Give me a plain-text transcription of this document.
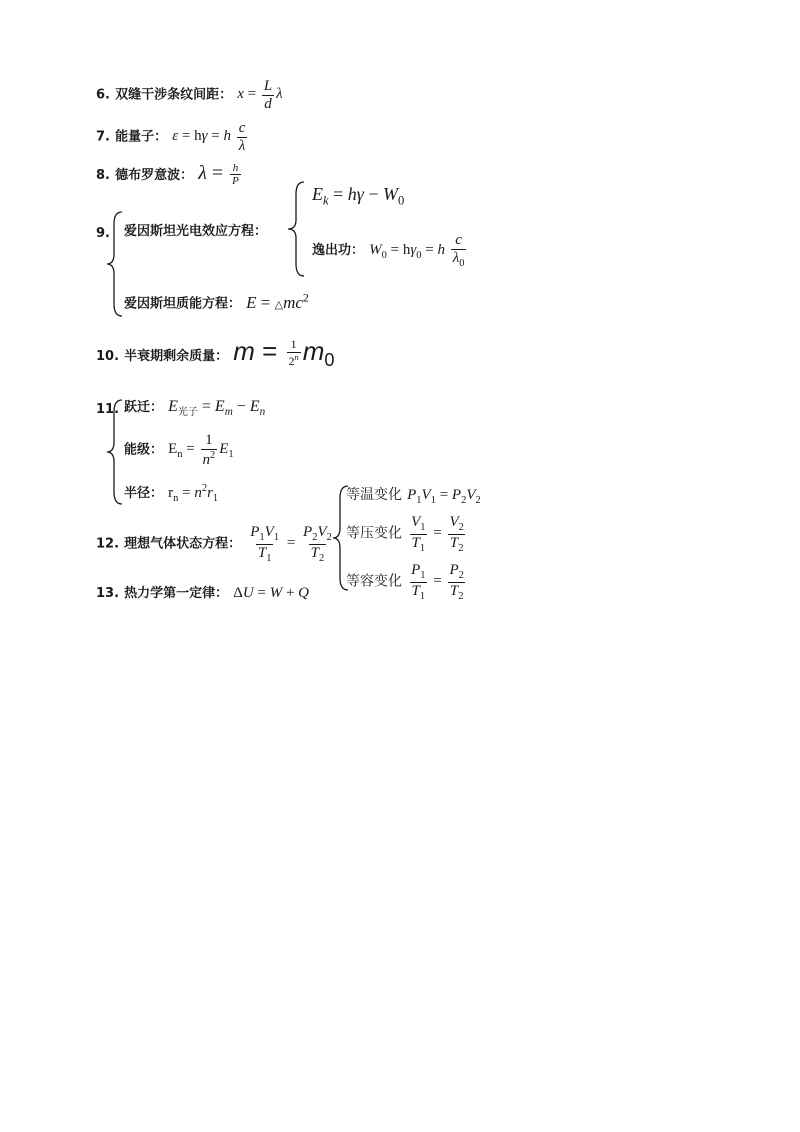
6. 双缝干涉条纹间距： $x = \frac{L}{d}$ λ
7. 能量子： ε = hγ = h $\frac{c}{\lambda}$
8. 德布罗意波： $\lambda = \frac{h}{P}$
9. 爱因斯坦光电效应方程：
$E_k = h\gamma - W_0$
逸出功： $W_0 = h\gamma_0 = h \frac{c}{\lambda_0}$
爱因斯坦质能方程： $E = \triangle mc^2$
10. 半衰期剩余质量： $m = \frac{1}{2^n} m_0$
11. 跃迁： $E_{光子} = E_m - E_n$
能级： $E_n = \frac{1}{n^2} E_1$
半径： $r_n = n^2r_1$
12. 理想气体状态方程： $\frac{P_1V_1}{T_1} = \frac{P_2V_2}{T_2}$
等温变化 $P_1V_1 = P_2V_2$
等压变化 $\frac{V_1}{T_1} = \frac{V_2}{T_2}$
等容变化 $\frac{P_1}{T_1} = \frac{P_2}{T_2}$
13. 热力学第一定律： ΔU = W + Q
